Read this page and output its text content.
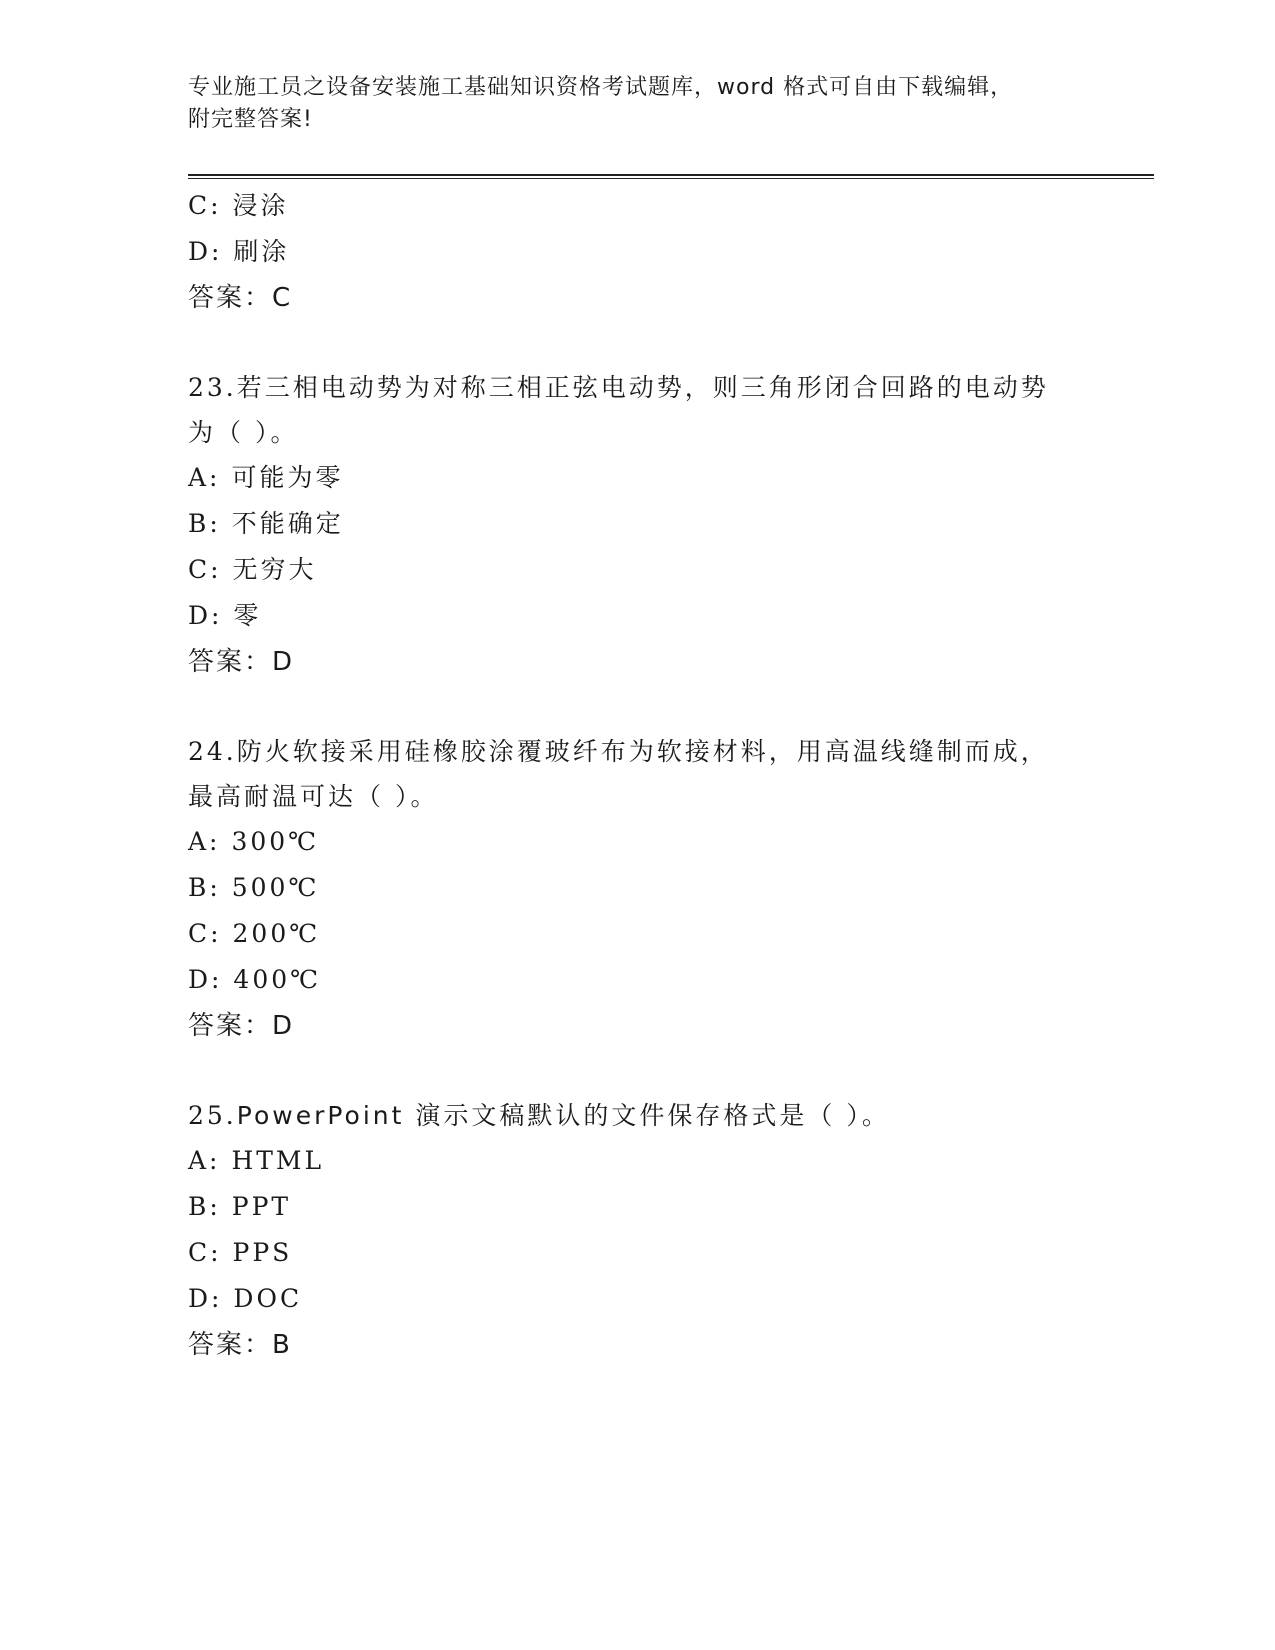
专业施工员之设备安装施工基础知识资格考试题库，word 格式可自由下载编辑，

附完整答案!

C: 浸涂
D: 刷涂
答案：C
23.若三相电动势为对称三相正弦电动势，则三角形闭合回路的电动势
为（ ）。
A: 可能为零
B: 不能确定
C: 无穷大
D: 零
答案：D
24.防火软接采用硅橡胶涂覆玻纤布为软接材料，用高温线缝制而成，
最高耐温可达（ ）。
A: 300℃
B: 500℃
C: 200℃
D: 400℃
答案：D
25.PowerPoint 演示文稿默认的文件保存格式是（ ）。
A: HTML
B: PPT
C: PPS
D: DOC
答案：B
